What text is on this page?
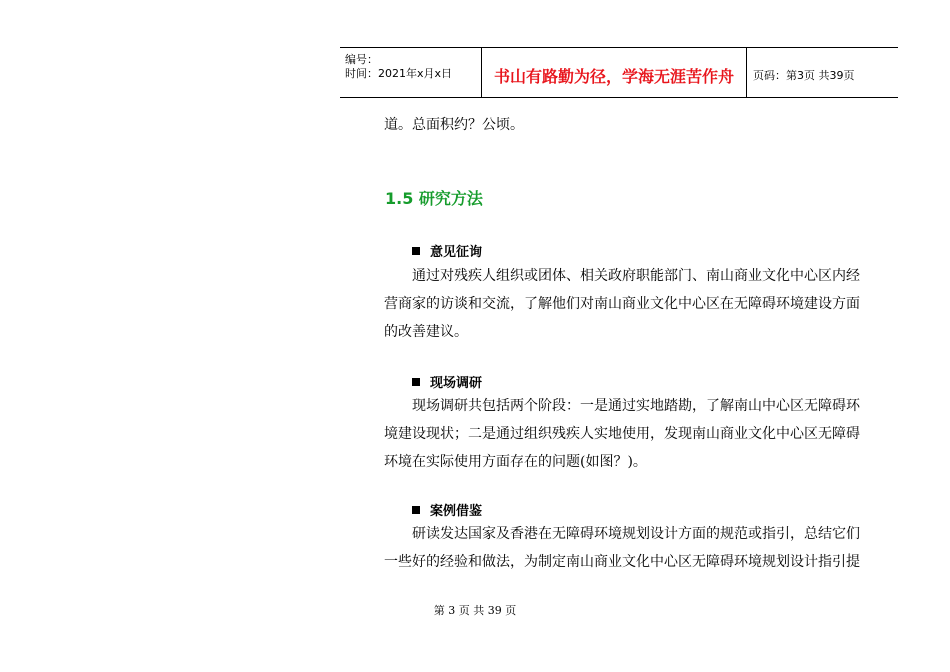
编号：
时间：2021年x月x日	书山有路勤为径，学海无涯苦作舟	页码：第3页 共39页
道。总面积约？公顷。
1.5 研究方法
意见征询
通过对残疾人组织或团体、相关政府职能部门、南山商业文化中心区内经
营商家的访谈和交流，了解他们对南山商业文化中心区在无障碍环境建设方面
的改善建议。
现场调研
现场调研共包括两个阶段：一是通过实地踏勘，了解南山中心区无障碍环
境建设现状；二是通过组织残疾人实地使用，发现南山商业文化中心区无障碍
环境在实际使用方面存在的问题(如图？)。
案例借鉴
研读发达国家及香港在无障碍环境规划设计方面的规范或指引，总结它们
一些好的经验和做法，为制定南山商业文化中心区无障碍环境规划设计指引提
第 3 页 共 39 页
